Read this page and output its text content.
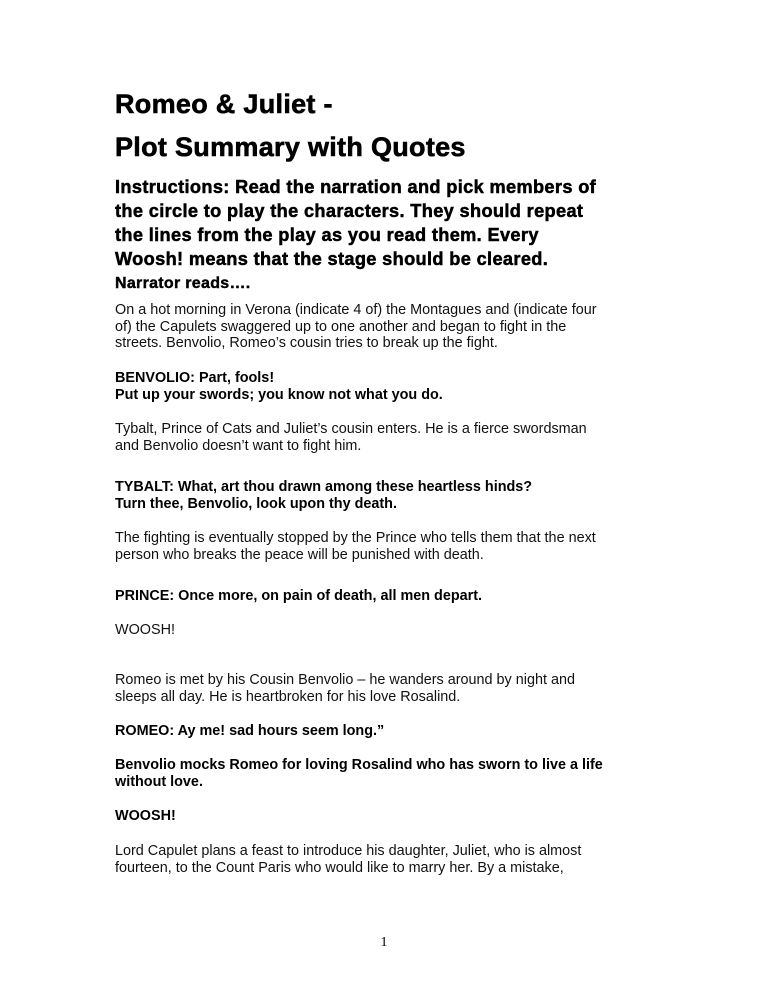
Romeo & Juliet -
Plot Summary with Quotes
Instructions: Read the narration and pick members of
the circle to play the characters. They should repeat
the lines from the play as you read them. Every
Woosh! means that the stage should be cleared.
Narrator reads….
On a hot morning in Verona (indicate 4 of) the Montagues and (indicate four
of) the Capulets swaggered up to one another and began to fight in the
streets. Benvolio, Romeo’s cousin tries to break up the fight.
BENVOLIO: Part, fools!
Put up your swords; you know not what you do.
Tybalt, Prince of Cats and Juliet’s cousin enters. He is a fierce swordsman
and Benvolio doesn’t want to fight him.
TYBALT: What, art thou drawn among these heartless hinds?
Turn thee, Benvolio, look upon thy death.
The fighting is eventually stopped by the Prince who tells them that the next
person who breaks the peace will be punished with death.
PRINCE: Once more, on pain of death, all men depart.
WOOSH!
Romeo is met by his Cousin Benvolio – he wanders around by night and
sleeps all day. He is heartbroken for his love Rosalind.
ROMEO: Ay me! sad hours seem long.”
Benvolio mocks Romeo for loving Rosalind who has sworn to live a life
without love.
WOOSH!
Lord Capulet plans a feast to introduce his daughter, Juliet, who is almost
fourteen, to the Count Paris who would like to marry her. By a mistake,
1
